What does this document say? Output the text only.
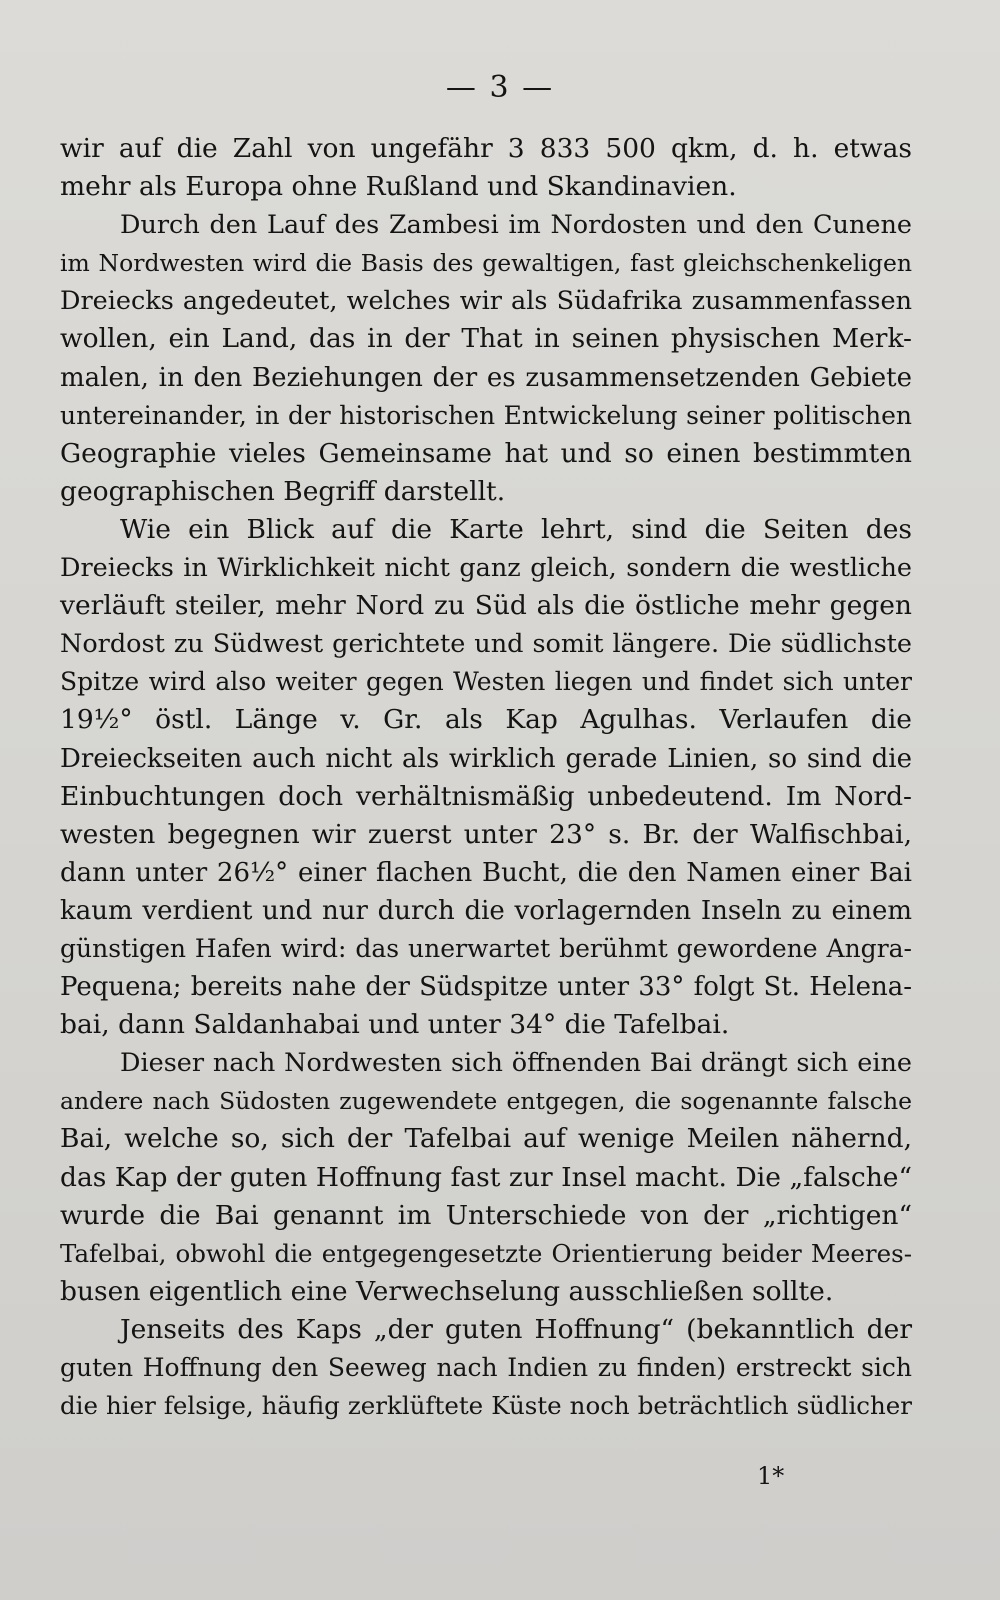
— 3 —
wir auf die Zahl von ungefähr 3 833 500 qkm, d. h. etwas
mehr als Europa ohne Rußland und Skandinavien.
Durch den Lauf des Zambesi im Nordosten und den Cunene
im Nordwesten wird die Basis des gewaltigen, fast gleichschenkeligen
Dreiecks angedeutet, welches wir als Südafrika zusammenfassen
wollen, ein Land, das in der That in seinen physischen Merk-
malen, in den Beziehungen der es zusammensetzenden Gebiete
untereinander, in der historischen Entwickelung seiner politischen
Geographie vieles Gemeinsame hat und so einen bestimmten
geographischen Begriff darstellt.
Wie ein Blick auf die Karte lehrt, sind die Seiten des
Dreiecks in Wirklichkeit nicht ganz gleich, sondern die westliche
verläuft steiler, mehr Nord zu Süd als die östliche mehr gegen
Nordost zu Südwest gerichtete und somit längere. Die südlichste
Spitze wird also weiter gegen Westen liegen und findet sich unter
19½° östl. Länge v. Gr. als Kap Agulhas. Verlaufen die
Dreieckseiten auch nicht als wirklich gerade Linien, so sind die
Einbuchtungen doch verhältnismäßig unbedeutend. Im Nord-
westen begegnen wir zuerst unter 23° s. Br. der Walfischbai,
dann unter 26½° einer flachen Bucht, die den Namen einer Bai
kaum verdient und nur durch die vorlagernden Inseln zu einem
günstigen Hafen wird: das unerwartet berühmt gewordene Angra-
Pequena; bereits nahe der Südspitze unter 33° folgt St. Helena-
bai, dann Saldanhabai und unter 34° die Tafelbai.
Dieser nach Nordwesten sich öffnenden Bai drängt sich eine
andere nach Südosten zugewendete entgegen, die sogenannte falsche
Bai, welche so, sich der Tafelbai auf wenige Meilen nähernd,
das Kap der guten Hoffnung fast zur Insel macht. Die „falsche“
wurde die Bai genannt im Unterschiede von der „richtigen“
Tafelbai, obwohl die entgegengesetzte Orientierung beider Meeres-
busen eigentlich eine Verwechselung ausschließen sollte.
Jenseits des Kaps „der guten Hoffnung“ (bekanntlich der
guten Hoffnung den Seeweg nach Indien zu finden) erstreckt sich
die hier felsige, häufig zerklüftete Küste noch beträchtlich südlicher
1*
